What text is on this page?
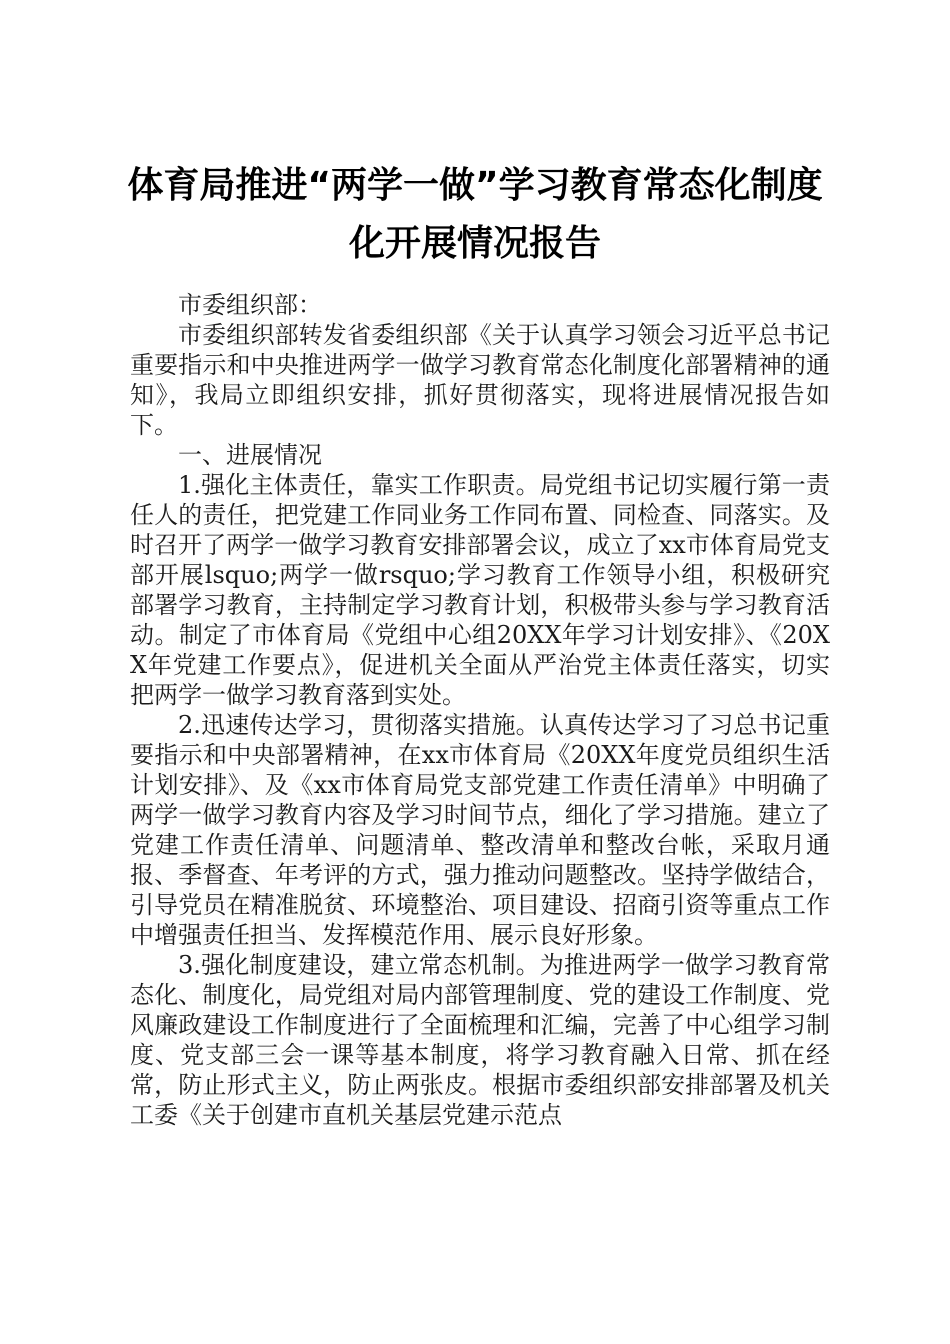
体育局推进“两学一做”学习教育常态化制度
化开展情况报告

市委组织部：

市委组织部转发省委组织部《关于认真学习领会习近平总书记重要指示和中央推进两学一做学习教育常态化制度化部署精神的通知》，我局立即组织安排，抓好贯彻落实，现将进展情况报告如下。

一、进展情况

1.强化主体责任，靠实工作职责。局党组书记切实履行第一责任人的责任，把党建工作同业务工作同布置、同检查、同落实。及时召开了两学一做学习教育安排部署会议，成立了xx市体育局党支部开展lsquo;两学一做rsquo;学习教育工作领导小组，积极研究部署学习教育，主持制定学习教育计划，积极带头参与学习教育活动。制定了市体育局《党组中心组20XX年学习计划安排》、《20XX年党建工作要点》，促进机关全面从严治党主体责任落实，切实把两学一做学习教育落到实处。

2.迅速传达学习，贯彻落实措施。认真传达学习了习总书记重要指示和中央部署精神，在xx市体育局《20XX年度党员组织生活计划安排》、及《xx市体育局党支部党建工作责任清单》中明确了两学一做学习教育内容及学习时间节点，细化了学习措施。建立了党建工作责任清单、问题清单、整改清单和整改台帐，采取月通报、季督查、年考评的方式，强力推动问题整改。坚持学做结合，引导党员在精准脱贫、环境整治、项目建设、招商引资等重点工作中增强责任担当、发挥模范作用、展示良好形象。

3.强化制度建设，建立常态机制。为推进两学一做学习教育常态化、制度化，局党组对局内部管理制度、党的建设工作制度、党风廉政建设工作制度进行了全面梳理和汇编，完善了中心组学习制度、党支部三会一课等基本制度，将学习教育融入日常、抓在经常，防止形式主义，防止两张皮。根据市委组织部安排部署及机关工委《关于创建市直机关基层党建示范点
